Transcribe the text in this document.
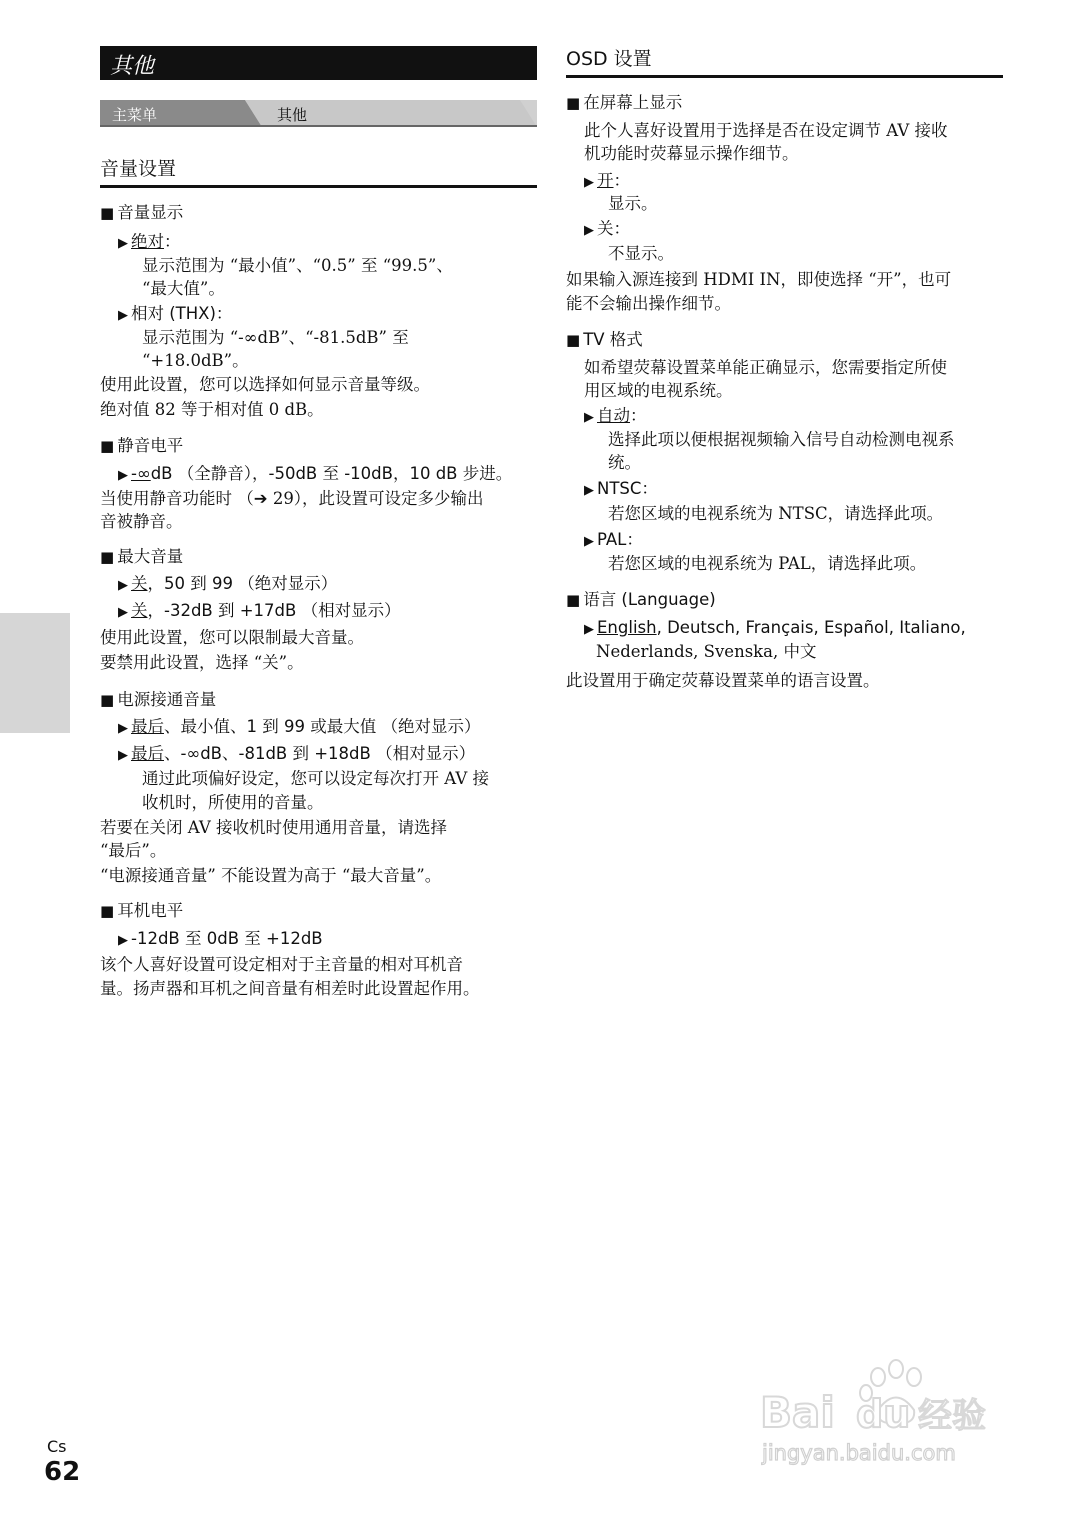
其他
主菜单	其他
音量设置
OSD 设置
■ 音量显示
▶ 绝对：
显示范围为 “最小值”、“0.5” 至 “99.5”、
“最大值”。
▶ 相对 (THX)：
显示范围为 “-∞dB”、“-81.5dB” 至
“+18.0dB”。
使用此设置，您可以选择如何显示音量等级。
绝对值 82 等于相对值 0 dB。
■ 静音电平
▶ -∞dB （全静音），-50dB 至 -10dB，10 dB 步进。
当使用静音功能时 （➔ 29），此设置可设定多少输出
音被静音。
■ 最大音量
▶ 关，50 到 99 （绝对显示）
▶ 关，-32dB 到 +17dB （相对显示）
使用此设置，您可以限制最大音量。
要禁用此设置，选择 “关”。
■ 电源接通音量
▶ 最后、最小值、1 到 99 或最大值 （绝对显示）
▶ 最后、-∞dB、-81dB 到 +18dB （相对显示）
通过此项偏好设定，您可以设定每次打开 AV 接
收机时，所使用的音量。
若要在关闭 AV 接收机时使用通用音量，请选择
“最后”。
“电源接通音量” 不能设置为高于 “最大音量”。
■ 耳机电平
▶ -12dB 至 0dB 至 +12dB
该个人喜好设置可设定相对于主音量的相对耳机音
量。扬声器和耳机之间音量有相差时此设置起作用。
■ 在屏幕上显示
此个人喜好设置用于选择是否在设定调节 AV 接收
机功能时荧幕显示操作细节。
▶ 开：
显示。
▶ 关：
不显示。
如果输入源连接到 HDMI IN，即使选择 “开”，也可
能不会输出操作细节。
■ TV 格式
如希望荧幕设置菜单能正确显示，您需要指定所使
用区域的电视系统。
▶ 自动：
选择此项以便根据视频输入信号自动检测电视系
统。
▶ NTSC：
若您区域的电视系统为 NTSC，请选择此项。
▶ PAL：
若您区域的电视系统为 PAL，请选择此项。
■ 语言 (Language)
▶ English, Deutsch, Français, Español, Italiano,
Nederlands, Svenska, 中文
此设置用于确定荧幕设置菜单的语言设置。
Cs
62
Bai du 经验
jingyan.baidu.com
